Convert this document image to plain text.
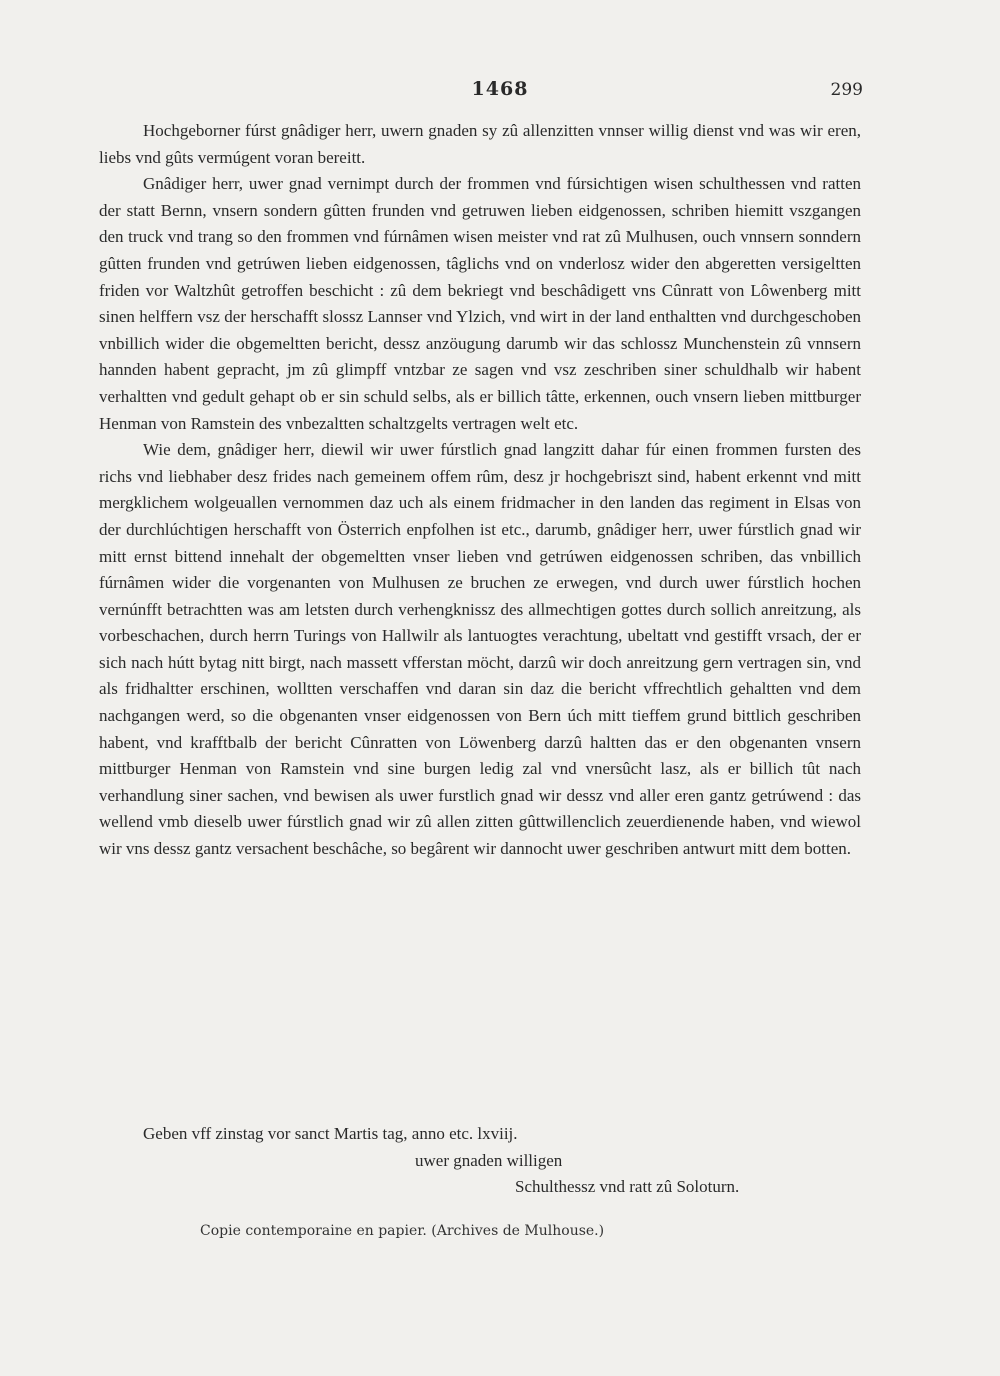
1468	299

Hochgeborner fúrst gnâdiger herr, uwern gnaden sy zû allenzitten vnnser willig dienst vnd was wir eren, liebs vnd gûts vermúgent voran bereitt.

Gnâdiger herr, uwer gnad vernimpt durch der frommen vnd fúrsichtigen wisen schulthessen vnd ratten der statt Bernn, vnsern sondern gûtten frunden vnd getruwen lieben eidgenossen, schriben hiemitt vszgangen den truck vnd trang so den frommen vnd fúrnâmen wisen meister vnd rat zû Mulhusen, ouch vnnsern sonndern gûtten frunden vnd getrúwen lieben eidgenossen, tâglichs vnd on vnderlosz wider den abgeretten versigeltten friden vor Waltzhût getroffen beschicht : zû dem bekriegt vnd beschâdigett vns Cûnratt von Lôwenberg mitt sinen helffern vsz der herschafft slossz Lannser vnd Ylzich, vnd wirt in der land enthaltten vnd durchgeschoben vnbillich wider die obgemeltten bericht, dessz anzöugung darumb wir das schlossz Munchenstein zû vnnsern hannden habent gepracht, jm zû glimpff vntzbar ze sagen vnd vsz zeschriben siner schuldhalb wir habent verhaltten vnd gedult gehapt ob er sin schuld selbs, als er billich tâtte, erkennen, ouch vnsern lieben mittburger Henman von Ramstein des vnbezaltten schaltzgelts vertragen welt etc.

Wie dem, gnâdiger herr, diewil wir uwer fúrstlich gnad langzitt dahar fúr einen frommen fursten des richs vnd liebhaber desz frides nach gemeinem offem rûm, desz jr hochgebriszt sind, habent erkennt vnd mitt mergklichem wolgeuallen vernommen daz uch als einem fridmacher in den landen das regiment in Elsas von der durchlúchtigen herschafft von Österrich enpfolhen ist etc., darumb, gnâdiger herr, uwer fúrstlich gnad wir mitt ernst bittend innehalt der obgemeltten vnser lieben vnd getrúwen eidgenossen schriben, das vnbillich fúrnâmen wider die vorgenanten von Mulhusen ze bruchen ze erwegen, vnd durch uwer fúrstlich hochen vernúnfft betrachtten was am letsten durch verhengknissz des allmechtigen gottes durch sollich anreitzung, als vorbeschachen, durch herrn Turings von Hallwilr als lantuogtes verachtung, ubeltatt vnd gestifft vrsach, der er sich nach hútt bytag nitt birgt, nach massett vfferstan möcht, darzû wir doch anreitzung gern vertragen sin, vnd als fridhaltter erschinen, wolltten verschaffen vnd daran sin daz die bericht vffrechtlich gehaltten vnd dem nachgangen werd, so die obgenanten vnser eidgenossen von Bern úch mitt tieffem grund bittlich geschriben habent, vnd krafftbalb der bericht Cûnratten von Löwenberg darzû haltten das er den obgenanten vnsern mittburger Henman von Ramstein vnd sine burgen ledig zal vnd vnersûcht lasz, als er billich tût nach verhandlung siner sachen, vnd bewisen als uwer furstlich gnad wir dessz vnd aller eren gantz getrúwend : das wellend vmb dieselb uwer fúrstlich gnad wir zû allen zitten gûttwillenclich zeuerdienende haben, vnd wiewol wir vns dessz gantz versachent beschâche, so begârent wir dannocht uwer geschriben antwurt mitt dem botten.

Geben vff zinstag vor sanct Martis tag, anno etc. lxviij.
uwer gnaden willigen
Schulthessz vnd ratt zû Soloturn.
Copie contemporaine en papier. (Archives de Mulhouse.)
